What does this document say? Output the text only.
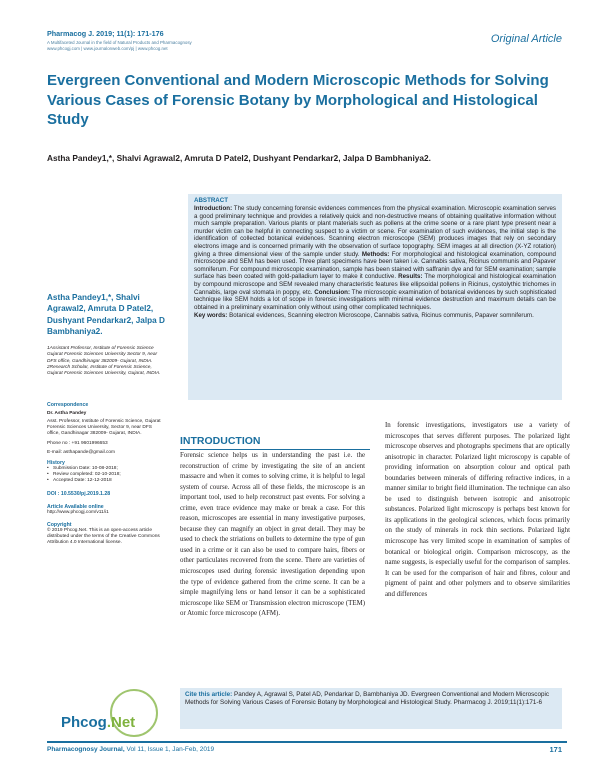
Pharmacog J. 2019; 11(1): 171-176
A Multifaceted Journal in the field of Natural Products and Pharmacognosy
www.phcogj.com | www.journalonweb.com/pj | www.phcog.net
Original Article
Evergreen Conventional and Modern Microscopic Methods for Solving Various Cases of Forensic Botany by Morphological and Histological Study
Astha Pandey1,*, Shalvi Agrawal2, Amruta D Patel2, Dushyant Pendarkar2, Jalpa D Bambhaniya2.
Astha Pandey1,*, Shalvi Agrawal2, Amruta D Patel2, Dushyant Pendarkar2, Jalpa D Bambhaniya2.
1Assistant Professor, Institute of Forensic Science Gujarat Forensic Sciences University Sector 9, near DFS office, Gandhinagar 382009- Gujarat, INDIA. 2Research Scholar, Institute of Forensic Science, Gujarat Forensic Sciences University, Gujarat, INDIA.
Correspondence
Dr. Astha Pandey
Asst. Professor, Institute of Forensic Science, Gujarat Forensic Sciences University, Sector 9, near DFS office, Gandhinagar 382009- Gujarat, INDIA.
Phone no : +91 9601996653
E-mail: asthapande@gmail.com
History
• Submission Date: 10-08-2018;
• Review completed: 02-10-2018;
• Accepted Date: 12-12-2018
DOI : 10.5530/pj.2019.1.28
Article Available online
http://www.phcogj.com/v11/i1
Copyright
© 2019 Phcog.Net. This is an open-access article distributed under the terms of the Creative Commons Attribution 4.0 International license.
ABSTRACT
Introduction: The study concerning forensic evidences commences from the physical examination. Microscopic examination serves a good preliminary technique and provides a relatively quick and non-destructive means of obtaining qualitative information without much sample preparation. Various plants or plant materials such as pollens at the crime scene or a rare plant type present near a murder victim can be helpful in connecting suspect to a victim or scene. For examination of such evidences, the initial step is the identification of collected botanical evidences. Scanning electron microscope (SEM) produces images that rely on secondary electrons image and is concerned primarily with the observation of surface topography. SEM images at all direction (X-YZ rotation) giving a three dimensional view of the sample under study. Methods: For morphological and histological examination, compound microscope and SEM has been used. Three plant specimens have been taken i.e. Cannabis sativa, Ricinus communis and Papaver somniferum. For compound microscopic examination, sample has been stained with saffranin dye and for SEM examination; sample surface has been coated with gold-palladium layer to make it conductive. Results: The morphological and histological examination by compound microscope and SEM revealed many characteristic features like ellipsoidal pollens in Ricinus, cystolythic trichomes in Cannabis, large oval stomata in poppy, etc. Conclusion: The microscopic examination of botanical evidences by such sophisticated technique like SEM holds a lot of scope in forensic investigations with minimal evidence destruction and maximum details can be obtained in a preliminary examination only without using other complicated techniques.
Key words: Botanical evidences, Scanning electron Microscope, Cannabis sativa, Ricinus communis, Papaver somniferum.
INTRODUCTION
Forensic science helps us in understanding the past i.e. the reconstruction of crime by investigating the site of an ancient massacre and when it comes to solving crime, it is helpful to legal system of course. Across all of these fields, the microscope is an important tool, used to help reconstruct past events. For solving a crime, even trace evidence may make or break a case. For this reason, microscopes are essential in many investigative purposes, because they can magnify an object in great detail. They may be used to check the striations on bullets to determine the type of gun used in a crime or it can also be used to compare hairs, fibers or other particulates recovered from the scene. There are varieties of microscopes used during forensic investigation depending upon the type of evidence gathered from the crime scene. It can be a simple magnifying lens or hand lensor it can be a sophisticated microscope like SEM or Transmission electron microscope (TEM) or Atomic force microscope (AFM).
In forensic investigations, investigators use a variety of microscopes that serves different purposes. The polarized light microscope observes and photographs specimens that are optically anisotropic in character. Polarized light microscopy is capable of providing information on absorption colour and optical path boundaries between minerals of differing refractive indices, in a manner similar to bright field illumination. The technique can also be used to distinguish between isotropic and anisotropic substances. Polarized light microscopy is perhaps best known for its applications in the geological sciences, which focus primarily on the study of minerals in rock thin sections. Polarized light microscope has very limited scope in examination of samples of botanical or biological origin. Comparison microscopy, as the name suggests, is especially useful for the comparison of samples. It can be used for the comparison of hair and fibres, colour and pigment of paint and other polymers and to observe similarities and differences
Phcog.Net
Cite this article: Pandey A, Agrawal S, Patel AD, Pendarkar D, Bambhaniya JD. Evergreen Conventional and Modern Microscopic Methods for Solving Various Cases of Forensic Botany by Morphological and Histological Study. Pharmacog J. 2019;11(1):171-6
Pharmacognosy Journal, Vol 11, Issue 1, Jan-Feb, 2019	171
